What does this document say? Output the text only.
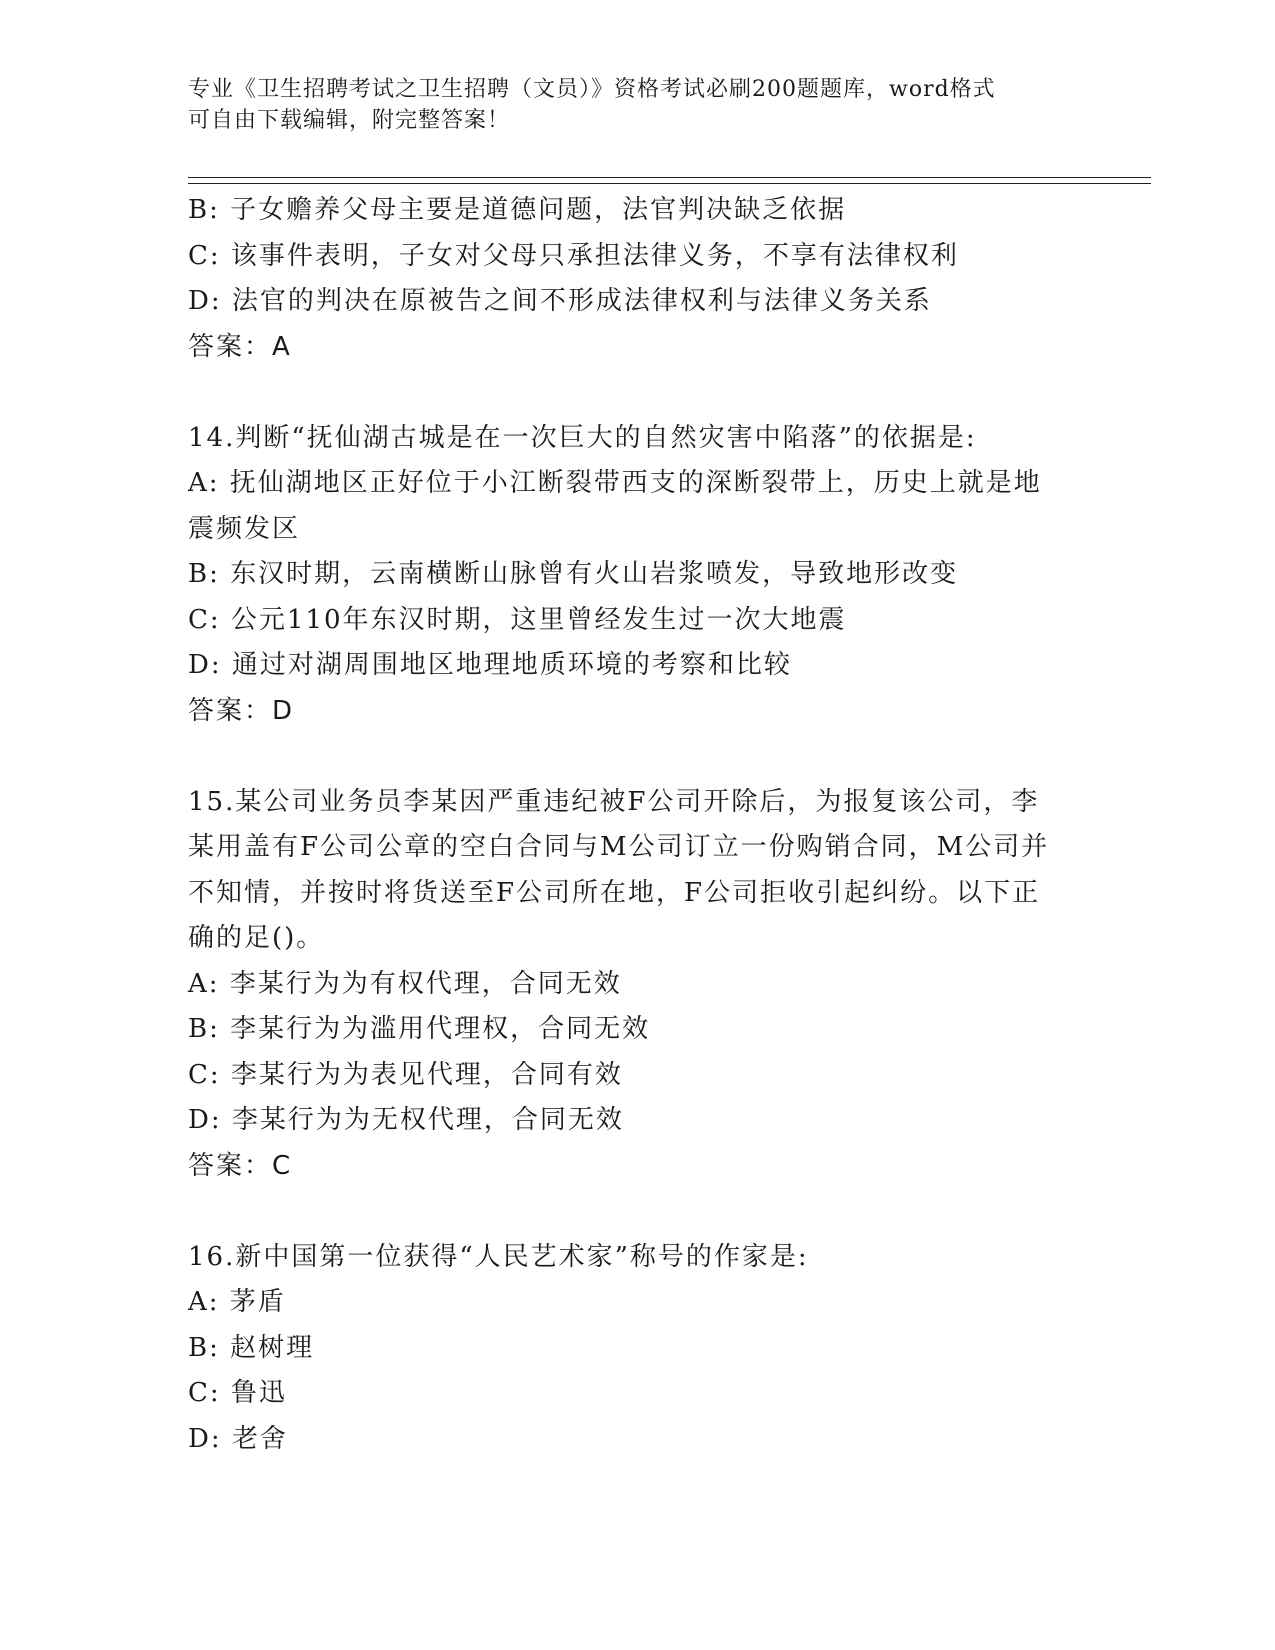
专业《卫生招聘考试之卫生招聘（文员）》资格考试必刷200题题库，word格式
可自由下载编辑，附完整答案！
B: 子女赡养父母主要是道德问题，法官判决缺乏依据
C: 该事件表明，子女对父母只承担法律义务，不享有法律权利
D: 法官的判决在原被告之间不形成法律权利与法律义务关系
答案：A
14.判断“抚仙湖古城是在一次巨大的自然灾害中陷落”的依据是:
A: 抚仙湖地区正好位于小江断裂带西支的深断裂带上，历史上就是地
震频发区
B: 东汉时期，云南横断山脉曾有火山岩浆喷发，导致地形改变
C: 公元110年东汉时期，这里曾经发生过一次大地震
D: 通过对湖周围地区地理地质环境的考察和比较
答案：D
15.某公司业务员李某因严重违纪被F公司开除后，为报复该公司，李
某用盖有F公司公章的空白合同与M公司订立一份购销合同，M公司并
不知情，并按时将货送至F公司所在地，F公司拒收引起纠纷。以下正
确的足()。
A: 李某行为为有权代理，合同无效
B: 李某行为为滥用代理权，合同无效
C: 李某行为为表见代理，合同有效
D: 李某行为为无权代理，合同无效
答案：C
16.新中国第一位获得“人民艺术家”称号的作家是:
A: 茅盾
B: 赵树理
C: 鲁迅
D: 老舍
